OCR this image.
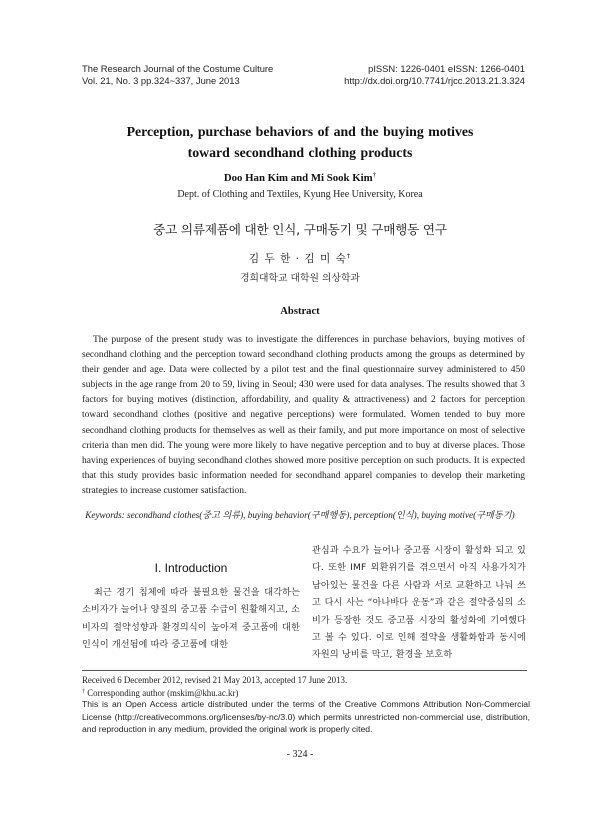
The Research Journal of the Costume Culture
Vol. 21, No. 3 pp.324~337, June 2013
pISSN: 1226-0401 eISSN: 1266-0401
http://dx.doi.org/10.7741/rjcc.2013.21.3.324
Perception, purchase behaviors of and the buying motives
toward secondhand clothing products
Doo Han Kim and Mi Sook Kim†
Dept. of Clothing and Textiles, Kyung Hee University, Korea
중고 의류제품에 대한 인식, 구매동기 및 구매행동 연구
김 두 한 · 김 미 숙†
경희대학교 대학원 의상학과
Abstract

The purpose of the present study was to investigate the differences in purchase behaviors, buying motives of secondhand clothing and the perception toward secondhand clothing products among the groups as determined by their gender and age. Data were collected by a pilot test and the final questionnaire survey administered to 450 subjects in the age range from 20 to 59, living in Seoul; 430 were used for data analyses. The results showed that 3 factors for buying motives (distinction, affordability, and quality & attractiveness) and 2 factors for perception toward secondhand clothes (positive and negative perceptions) were formulated. Women tended to buy more secondhand clothing products for themselves as well as their family, and put more importance on most of selective criteria than men did. The young were more likely to have negative perception and to buy at diverse places. Those having experiences of buying secondhand clothes showed more positive perception on such products. It is expected that this study provides basic information needed for secondhand apparel companies to develop their marketing strategies to increase customer satisfaction.

Keywords: secondhand clothes(중고 의류), buying behavior(구매행동), perception(인식), buying motive(구매동기)
I. Introduction

최근 경기 침체에 따라 불필요한 물건을 대각하는 소비자가 늘어나 양질의 중고품 수급이 원활해지고, 소비자의 절약성향과 환경의식이 높아져 중고품에 대한 인식이 개선됨에 따라 중고품에 대한

관심과 수요가 늘어나 중고품 시장이 활성화 되고 있다. 또한 IMF 외환위기를 겪으면서 아직 사용가치가 남아있는 물건을 다른 사람과 서로 교환하고 나눠 쓰고 다시 사는 “아나바다 운동”과 같은 절약중심의 소비가 등장한 것도 중고품 시장의 활성화에 기여했다고 볼 수 있다. 이로 인해 절약을 생활화함과 동시에 자원의 낭비를 막고, 환경을 보호하

Received 6 December 2012, revised 21 May 2013, accepted 17 June 2013.
† Corresponding author (mskim@khu.ac.kr)
This is an Open Access article distributed under the terms of the Creative Commons Attribution Non-Commercial License (http://creativecommons.org/licenses/by-nc/3.0) which permits unrestricted non-commercial use, distribution, and reproduction in any medium, provided the original work is properly cited.
- 324 -
